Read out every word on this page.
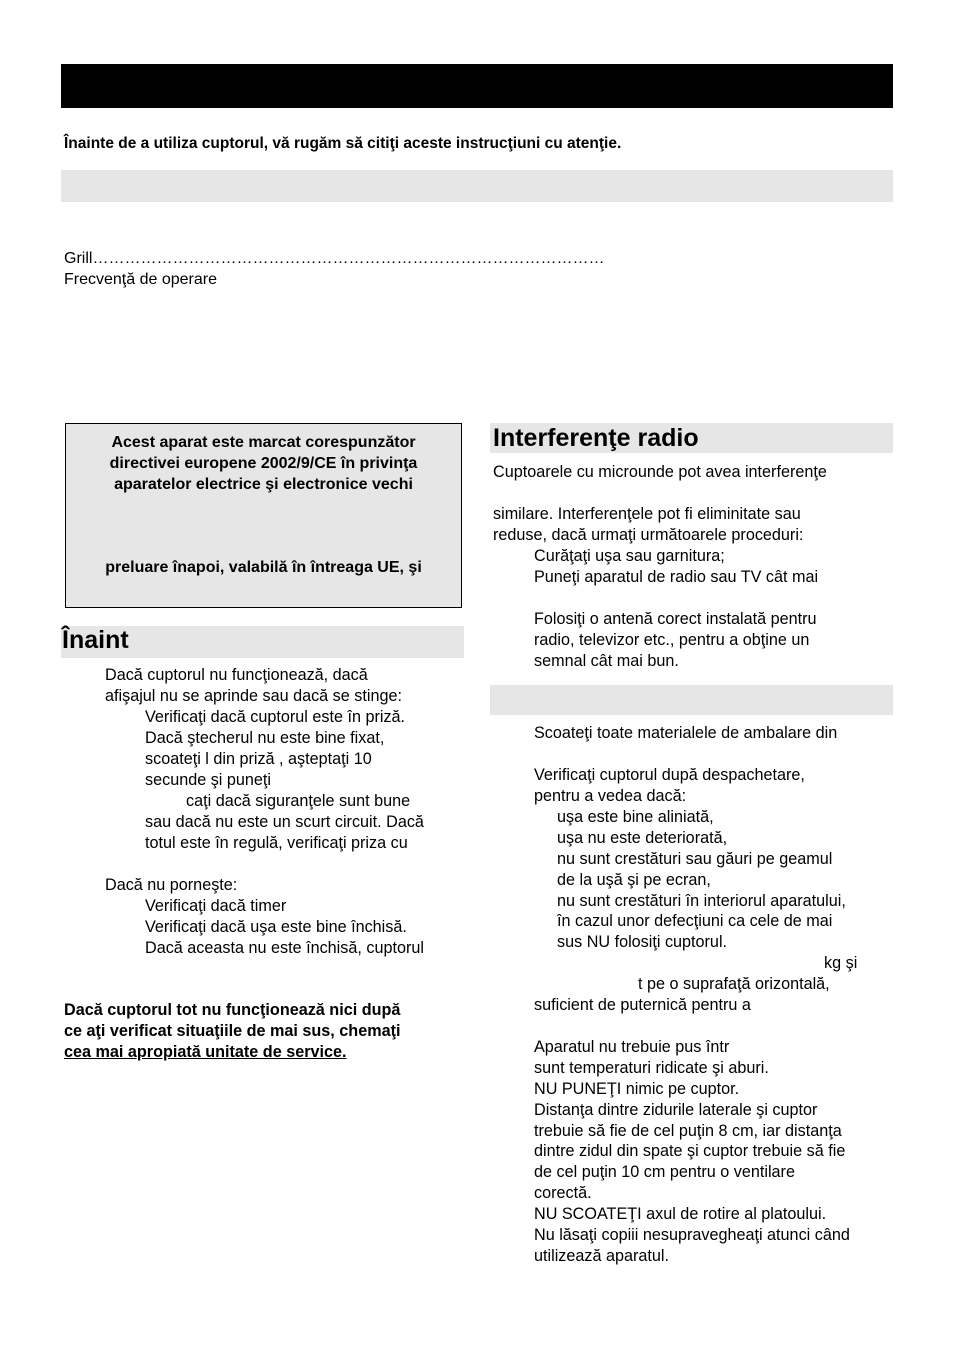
Înainte de a utiliza cuptorul, vă rugăm să citiţi aceste instrucţiuni cu atenţie.
Grill……………………………………………………………………………………
Frecvenţă de operare
Acest aparat este marcat corespunzător
directivei europene 2002/9/CE în privinţa
aparatelor electrice şi electronice vechi
preluare înapoi, valabilă în întreaga UE, şi
Înaint
Dacă cuptorul nu funcţionează, dacă
afişajul nu se aprinde sau dacă se stinge:
Verificaţi dacă cuptorul este în priză.
Dacă ştecherul nu este bine fixat,
scoateţi l din priză , aşteptaţi 10
secunde şi puneţi
caţi dacă siguranţele sunt bune
sau dacă nu este un scurt circuit. Dacă
totul este în regulă, verificaţi priza cu
Dacă nu porneşte:
Verificaţi dacă timer
Verificaţi dacă uşa este bine închisă.
Dacă aceasta nu este închisă, cuptorul
Dacă cuptorul tot nu funcţionează nici după
ce aţi verificat situaţiile de mai sus, chemaţi
cea mai apropiată unitate de service.
Interferenţe radio
Cuptoarele cu microunde pot avea interferenţe
similare. Interferenţele pot fi eliminitate sau
reduse, dacă urmaţi următoarele proceduri:
Curăţaţi uşa sau garnitura;
Puneţi aparatul de radio sau TV cât mai
Folosiţi o antenă corect instalată pentru
radio, televizor etc., pentru a obţine un
semnal cât mai bun.
Scoateţi toate materialele de ambalare din
Verificaţi cuptorul după despachetare,
pentru a vedea dacă:
uşa este bine aliniată,
uşa nu este deteriorată,
nu sunt crestături sau găuri pe geamul
de la uşă şi pe ecran,
nu sunt crestături în interiorul aparatului,
în cazul unor defecţiuni ca cele de mai
sus NU folosiţi cuptorul.
kg şi
t pe o suprafaţă orizontală,
suficient de puternică pentru a
Aparatul nu trebuie pus într
sunt temperaturi ridicate şi aburi.
NU PUNEŢI nimic pe cuptor.
Distanţa dintre zidurile laterale şi cuptor
trebuie să fie de cel puţin 8 cm, iar distanţa
dintre zidul din spate şi cuptor trebuie să fie
de cel puţin 10 cm pentru o ventilare
corectă.
NU SCOATEŢI axul de rotire al platoului.
Nu lăsaţi copiii nesupravegheaţi atunci când
utilizează aparatul.
